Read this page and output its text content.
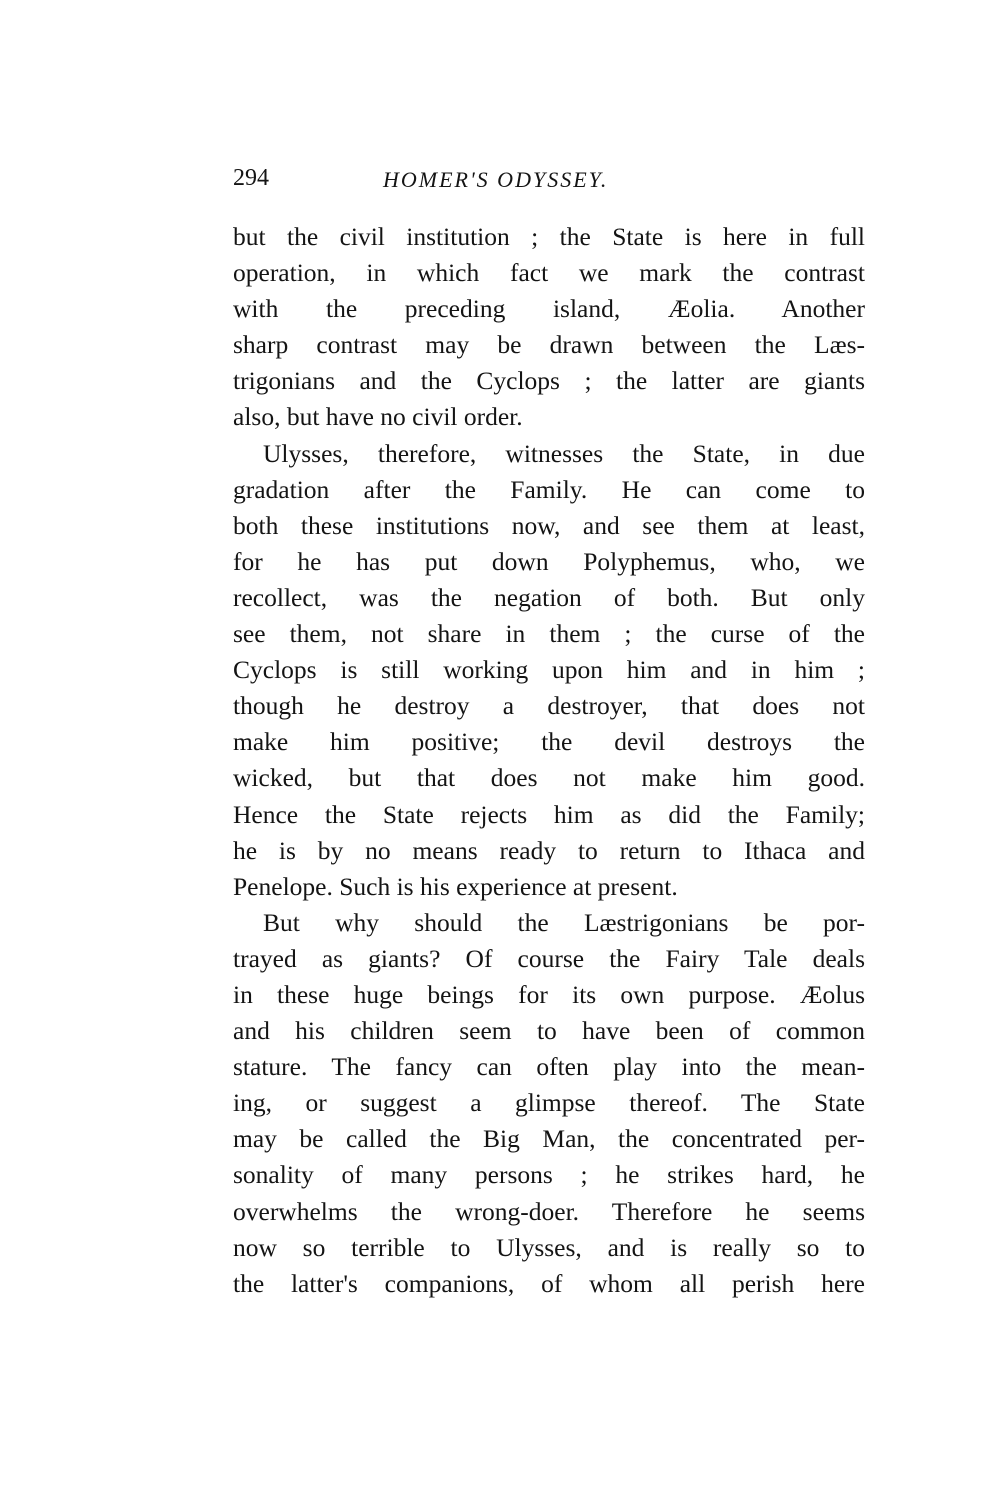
294	HOMER'S ODYSSEY.
but the civil institution ; the State is here in full
operation, in which fact we mark the contrast
with the preceding island, Æolia. Another
sharp contrast may be drawn between the Læs-
trigonians and the Cyclops ; the latter are giants
also, but have no civil order.
Ulysses, therefore, witnesses the State, in due
gradation after the Family. He can come to
both these institutions now, and see them at least,
for he has put down Polyphemus, who, we
recollect, was the negation of both. But only
see them, not share in them ; the curse of the
Cyclops is still working upon him and in him ;
though he destroy a destroyer, that does not
make him positive; the devil destroys the
wicked, but that does not make him good.
Hence the State rejects him as did the Family;
he is by no means ready to return to Ithaca and
Penelope. Such is his experience at present.
But why should the Læstrigonians be por-
trayed as giants? Of course the Fairy Tale deals
in these huge beings for its own purpose. Æolus
and his children seem to have been of common
stature. The fancy can often play into the mean-
ing, or suggest a glimpse thereof. The State
may be called the Big Man, the concentrated per-
sonality of many persons ; he strikes hard, he
overwhelms the wrong-doer. Therefore he seems
now so terrible to Ulysses, and is really so to
the latter's companions, of whom all perish here
